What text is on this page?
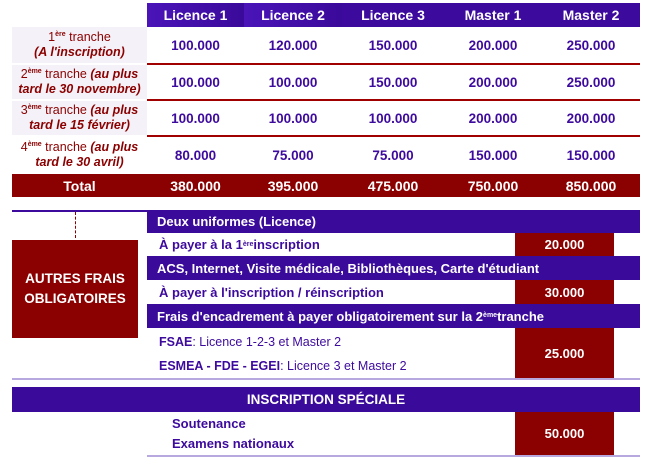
Licence 1	Licence 2	Licence 3	Master 1	Master 2
1ère tranche
(A l'inscription)	100.000	120.000	150.000	200.000	250.000
2ème tranche (au plus
tard le 30 novembre)	100.000	100.000	150.000	200.000	250.000
3ème tranche (au plus
tard le 15 février)	100.000	100.000	100.000	200.000	200.000
4ème tranche (au plus
tard le 30 avril)	80.000	75.000	75.000	150.000	150.000
Total	380.000	395.000	475.000	750.000	850.000
AUTRES FRAIS
OBLIGATOIRES
Deux uniformes (Licence)
À payer à la 1 ère inscription	20.000
ACS, Internet, Visite médicale, Bibliothèques, Carte d'étudiant
À payer à l'inscription / réinscription	30.000
Frais d'encadrement à payer obligatoirement sur la 2 ème tranche
FSAE : Licence 1-2-3 et Master 2
ESMEA - FDE - EGEI : Licence 3 et Master 2
25.000
INSCRIPTION SPÉCIALE
Soutenance
Examens nationaux
50.000
